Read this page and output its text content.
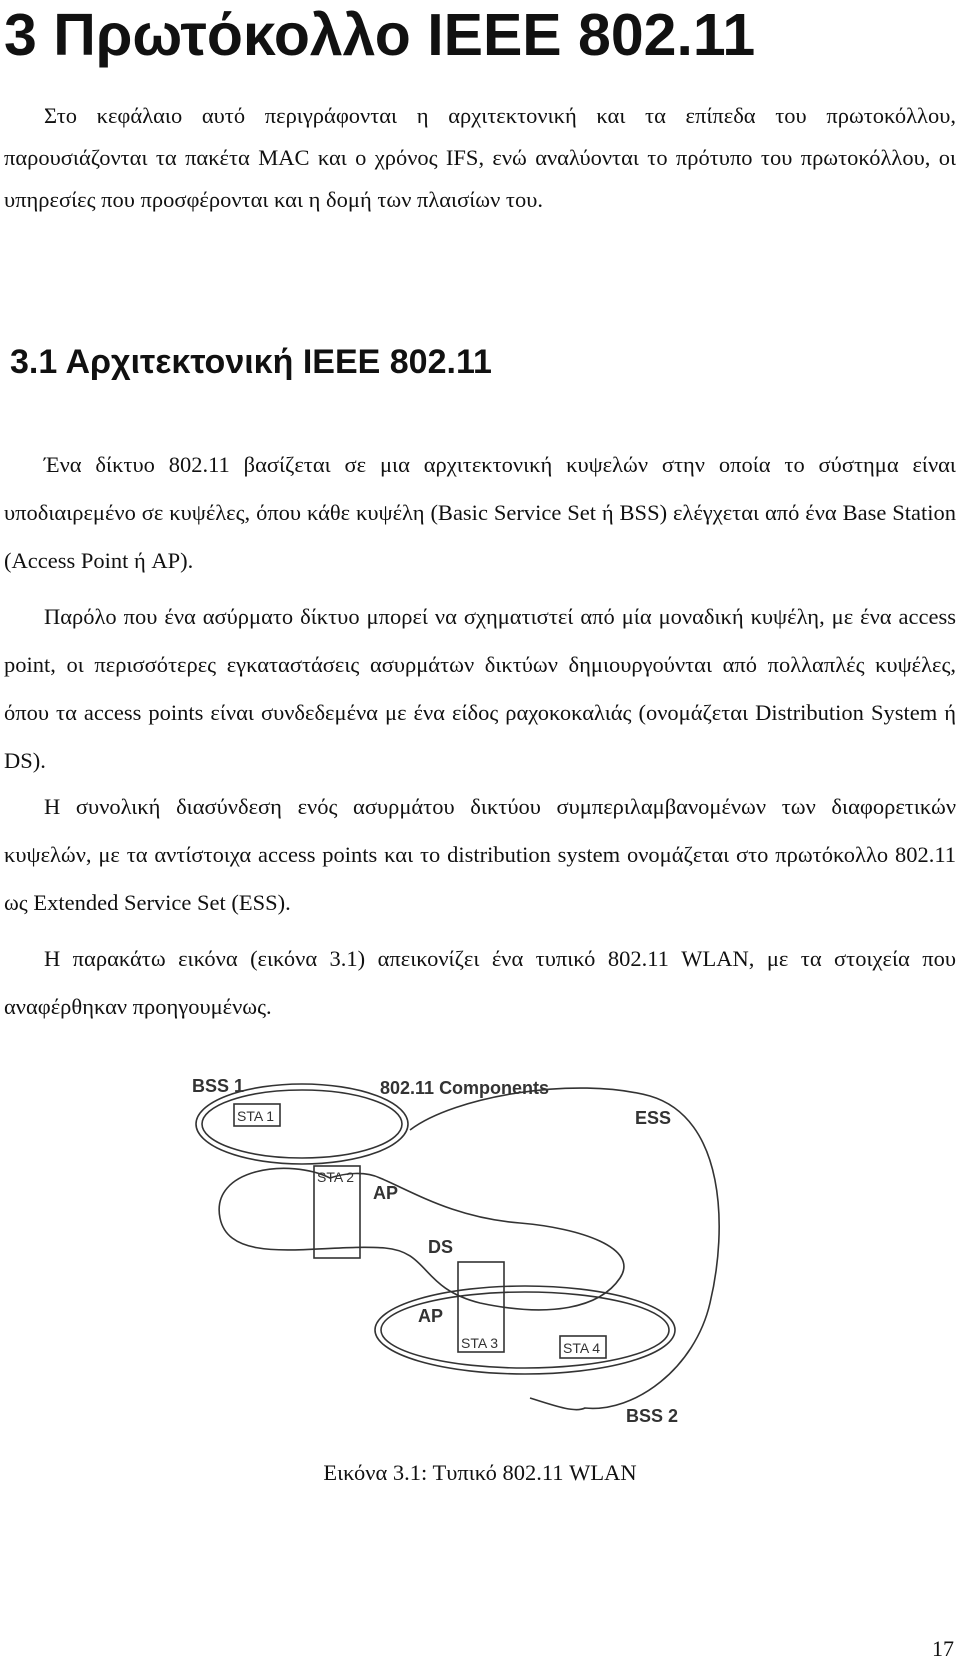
3 Πρωτόκολλο IEEE 802.11

Στο κεφάλαιο αυτό περιγράφονται η αρχιτεκτονική και τα επίπεδα του πρωτοκόλλου, παρουσιάζονται τα πακέτα MAC και ο χρόνος IFS, ενώ αναλύονται το πρότυπο του πρωτοκόλλου, οι υπηρεσίες που προσφέρονται και η δομή των πλαισίων του.

3.1 Αρχιτεκτονική IEEE 802.11

Ένα δίκτυο 802.11 βασίζεται σε μια αρχιτεκτονική κυψελών στην οποία το σύστημα είναι υποδιαιρεμένο σε κυψέλες, όπου κάθε κυψέλη (Basic Service Set ή BSS) ελέγχεται από ένα Base Station (Access Point ή AP).

Παρόλο που ένα ασύρματο δίκτυο μπορεί να σχηματιστεί από μία μοναδική κυψέλη, με ένα access point, οι περισσότερες εγκαταστάσεις ασυρμάτων δικτύων δημιουργούνται από πολλαπλές κυψέλες, όπου τα access points είναι συνδεδεμένα με ένα είδος ραχοκοκαλιάς (ονομάζεται Distribution System ή DS).

Η συνολική διασύνδεση ενός ασυρμάτου δικτύου συμπεριλαμβανομένων των διαφορετικών κυψελών, με τα αντίστοιχα access points και το distribution system ονομάζεται στο πρωτόκολλο 802.11 ως Extended Service Set (ESS).

Η παρακάτω εικόνα (εικόνα 3.1) απεικονίζει ένα τυπικό 802.11 WLAN, με τα στοιχεία που αναφέρθηκαν προηγουμένως.

BSS 1	802.11 Components
ESS
STA 1
STA 2
AP
DS
AP
STA 3	STA 4
BSS 2

Εικόνα 3.1: Τυπικό 802.11 WLAN

17
